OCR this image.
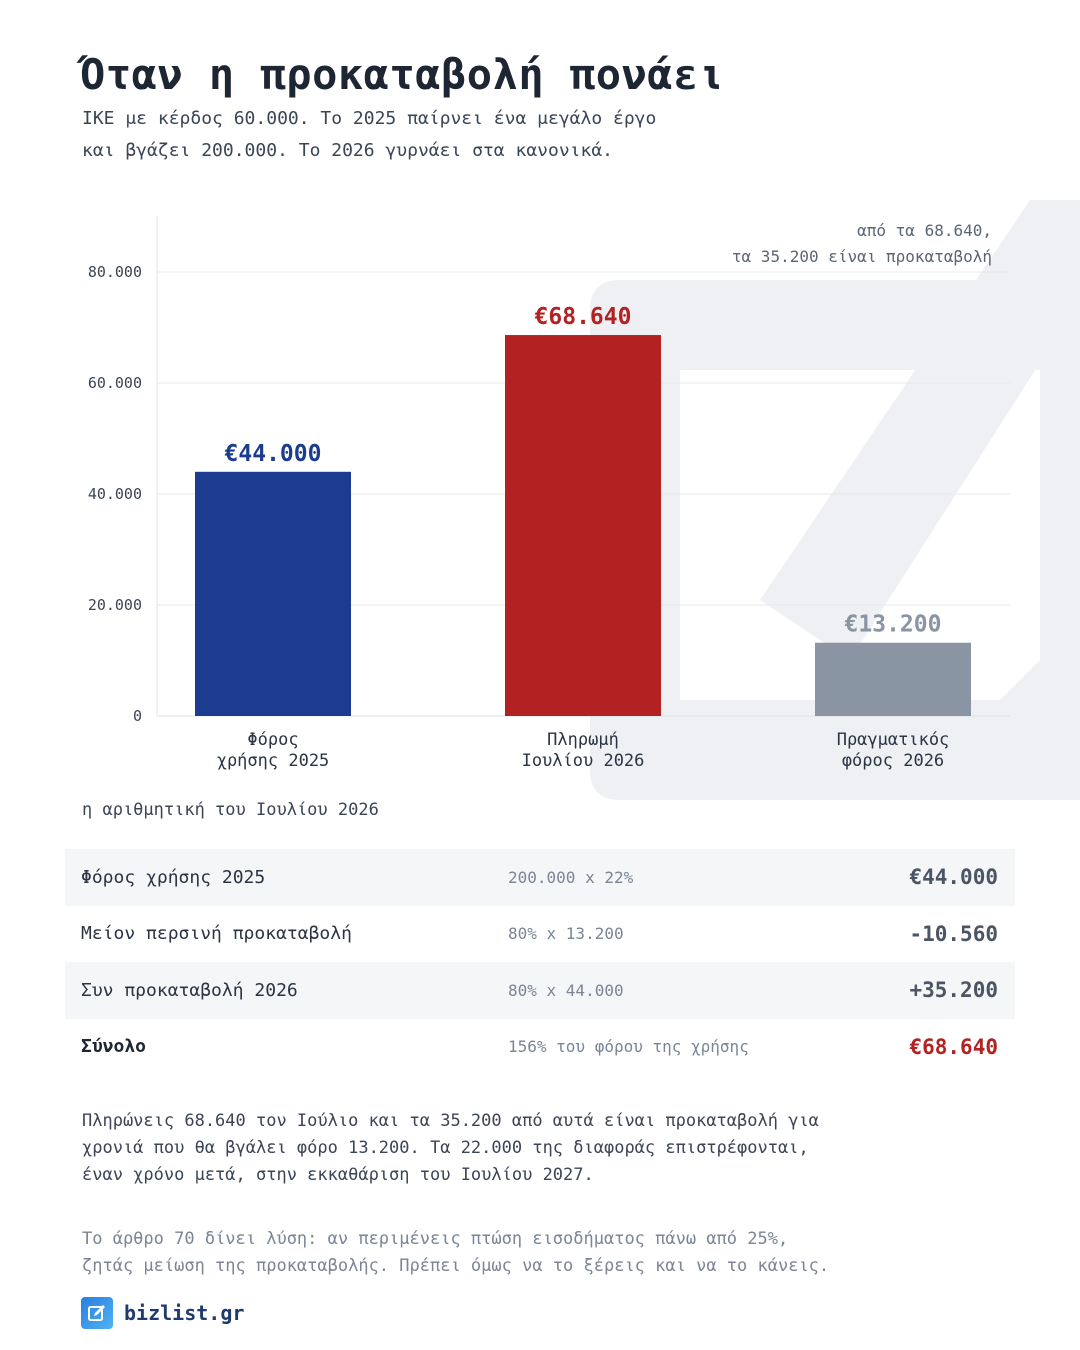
Όταν η προκαταβολή πονάει
ΙΚΕ με κέρδος 60.000. Το 2025 παίρνει ένα μεγάλο έργο
και βγάζει 200.000. Το 2026 γυρνάει στα κανονικά.
0
20.000
40.000
60.000
80.000
€44.000
Φόρος
χρήσης 2025
€68.640
Πληρωμή
Ιουλίου 2026
€13.200
Πραγματικός
φόρος 2026
από τα 68.640,
τα 35.200 είναι προκαταβολή
η αριθμητική του Ιουλίου 2026
Φόρος χρήσης 2025	200.000 x 22%	€44.000
Μείον περσινή προκαταβολή	80% x 13.200	-10.560
Συν προκαταβολή 2026	80% x 44.000	+35.200
Σύνολο	156% του φόρου της χρήσης	€68.640
Πληρώνεις 68.640 τον Ιούλιο και τα 35.200 από αυτά είναι προκαταβολή για
χρονιά που θα βγάλει φόρο 13.200. Τα 22.000 της διαφοράς επιστρέφονται,
έναν χρόνο μετά, στην εκκαθάριση του Ιουλίου 2027.
Το άρθρο 70 δίνει λύση: αν περιμένεις πτώση εισοδήματος πάνω από 25%,
ζητάς μείωση της προκαταβολής. Πρέπει όμως να το ξέρεις και να το κάνεις.
bizlist.gr
